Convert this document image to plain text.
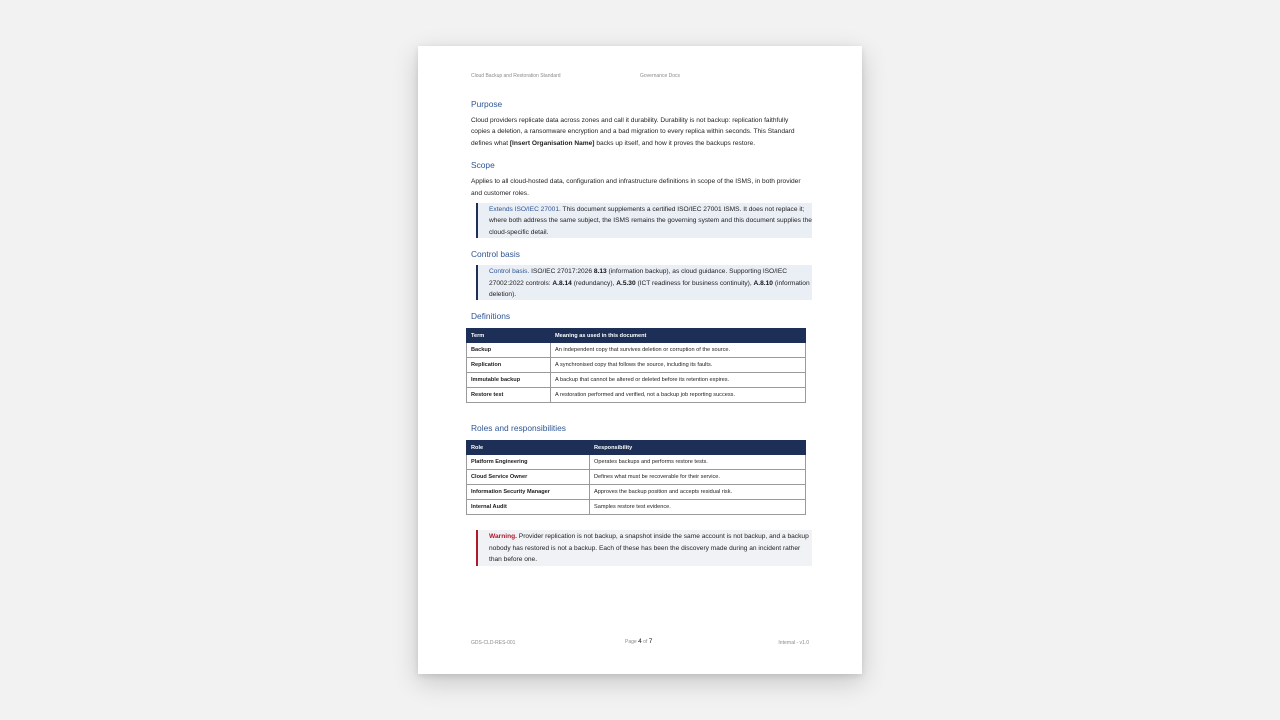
Cloud Backup and Restoration Standard	Governance Docs
Purpose

Cloud providers replicate data across zones and call it durability. Durability is not backup: replication faithfully copies a deletion, a ransomware encryption and a bad migration to every replica within seconds. This Standard defines what [Insert Organisation Name] backs up itself, and how it proves the backups restore.

Scope

Applies to all cloud-hosted data, configuration and infrastructure definitions in scope of the ISMS, in both provider and customer roles.

Extends ISO/IEC 27001. This document supplements a certified ISO/IEC 27001 ISMS. It does not replace it; where both address the same subject, the ISMS remains the governing system and this document supplies the cloud-specific detail.
Control basis
Control basis. ISO/IEC 27017:2026 8.13 (information backup), as cloud guidance. Supporting ISO/IEC 27002:2022 controls: A.8.14 (redundancy), A.5.30 (ICT readiness for business continuity), A.8.10 (information deletion).
Definitions
Term	Meaning as used in this document
Backup	An independent copy that survives deletion or corruption of the source.
Replication	A synchronised copy that follows the source, including its faults.
Immutable backup	A backup that cannot be altered or deleted before its retention expires.
Restore test	A restoration performed and verified, not a backup job reporting success.
Roles and responsibilities
Role	Responsibility
Platform Engineering	Operates backups and performs restore tests.
Cloud Service Owner	Defines what must be recoverable for their service.
Information Security Manager	Approves the backup position and accepts residual risk.
Internal Audit	Samples restore test evidence.
Warning. Provider replication is not backup, a snapshot inside the same account is not backup, and a backup nobody has restored is not a backup. Each of these has been the discovery made during an incident rather than before one.
GDS-CLD-RES-001	Page 4 of 7	Internal - v1.0
